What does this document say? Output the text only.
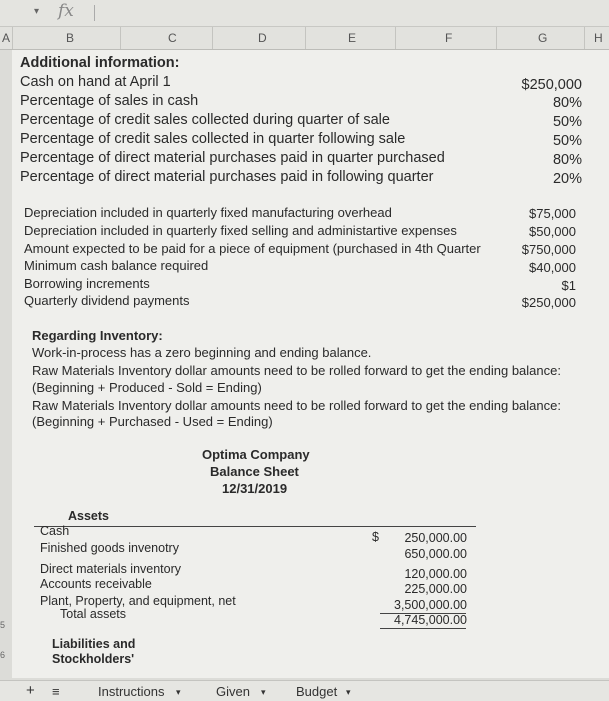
▾ fx
A	B	C	D	E	F	G	H
Additional information:
Cash on hand at April 1	$250,000
Percentage of sales in cash	80%
Percentage of credit sales collected during quarter of sale	50%
Percentage of credit sales collected in quarter following sale	50%
Percentage of direct material purchases paid in quarter purchased	80%
Percentage of direct material purchases paid in following quarter	20%
Depreciation included in quarterly fixed manufacturing overhead	$75,000
Depreciation included in quarterly fixed selling and administartive expenses	$50,000
Amount expected to be paid for a piece of equipment (purchased in 4th Quarter	$750,000
Minimum cash balance required	$40,000
Borrowing increments	$1
Quarterly dividend payments	$250,000
Regarding Inventory:
Work-in-process has a zero beginning and ending balance.
Raw Materials Inventory dollar amounts need to be rolled forward to get the ending balance:
(Beginning + Produced - Sold = Ending)
Raw Materials Inventory dollar amounts need to be rolled forward to get the ending balance:
(Beginning + Purchased - Used = Ending)
Optima Company
Balance Sheet
12/31/2019
Assets
Cash	$ 250,000.00
Finished goods invenotry	650,000.00
Direct materials inventory	120,000.00
Accounts receivable	225,000.00
Plant, Property, and equipment, net	3,500,000.00
Total assets	4,745,000.00
Liabilities and
Stockholders'
5
6
+ ≡	Instructions ▾	Given ▾ Budget ▾
